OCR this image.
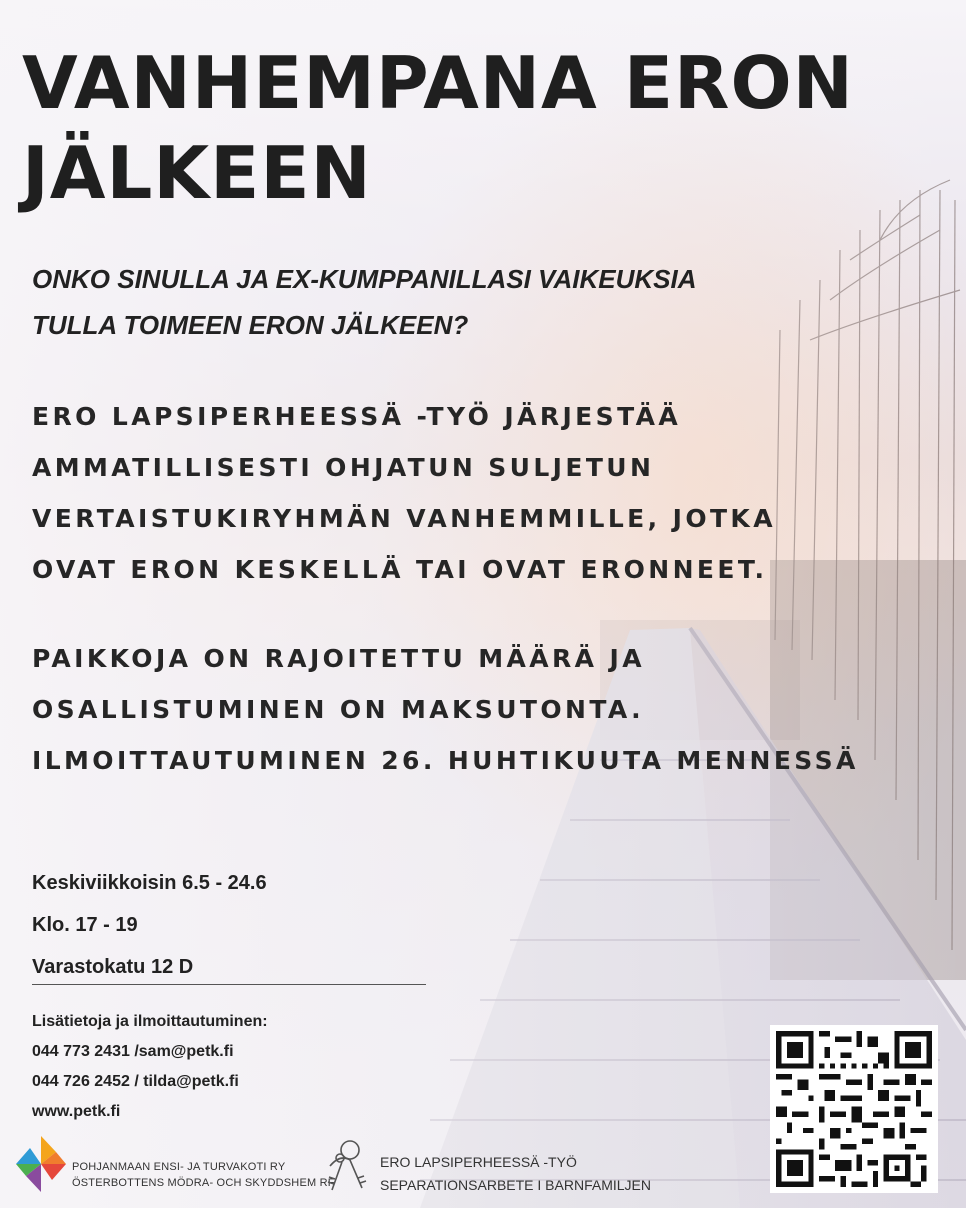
VANHEMPANA ERON
JÄLKEEN
ONKO SINULLA JA EX-KUMPPANILLASI VAIKEUKSIA
TULLA TOIMEEN ERON JÄLKEEN?
ERO LAPSIPERHEESSÄ -TYÖ JÄRJESTÄÄ
AMMATILLISESTI OHJATUN SULJETUN
VERTAISTUKIRYHMÄN VANHEMMILLE, JOTKA
OVAT ERON KESKELLÄ TAI OVAT ERONNEET.
PAIKKOJA ON RAJOITETTU MÄÄRÄ JA
OSALLISTUMINEN ON MAKSUTONTA.
ILMOITTAUTUMINEN 26. HUHTIKUUTA MENNESSÄ
Keskiviikkoisin 6.5 - 24.6
Klo. 17 - 19
Varastokatu 12 D
Lisätietoja ja ilmoittautuminen:
044 773 2431 /sam@petk.fi
044 726 2452 / tilda@petk.fi
www.petk.fi
POHJANMAAN ENSI- JA TURVAKOTI RY
ÖSTERBOTTENS MÖDRA- OCH SKYDDSHEM RF
ERO LAPSIPERHEESSÄ -TYÖ
SEPARATIONSARBETE I BARNFAMILJEN
